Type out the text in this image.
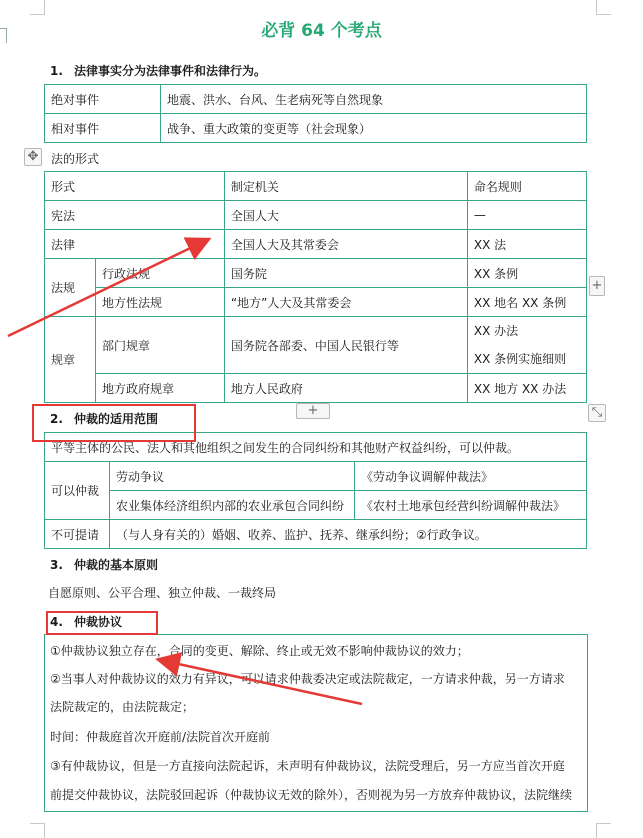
必背 64 个考点
1. 法律事实分为法律事件和法律行为。
绝对事件	地震、洪水、台风、生老病死等自然现象
相对事件	战争、重大政策的变更等（社会现象）
✥ 法的形式
形式		制定机关	命名规则
宪法		全国人大	—
法律		全国人大及其常委会	XX 法
法规	行政法规	国务院	XX 条例
	地方性法规	“地方”人大及其常委会	XX 地名 XX 条例
规章	部门规章	国务院各部委、中国人民银行等	XX 办法
XX 条例实施细则

	地方政府规章	地方人民政府	XX 地方 XX 办法
+
+	⤡
2. 仲裁的适用范围
平等主体的公民、法人和其他组织之间发生的合同纠纷和其他财产权益纠纷，可以仲裁。		
可以仲裁	劳动争议	《劳动争议调解仲裁法》
	农业集体经济组织内部的农业承包合同纠纷	《农村土地承包经营纠纷调解仲裁法》
不可提请	（与人身有关的）婚姻、收养、监护、抚养、继承纠纷；②行政争议。	
3. 仲裁的基本原则
自愿原则、公平合理、独立仲裁、一裁终局
4. 仲裁协议
①仲裁协议独立存在，合同的变更、解除、终止或无效不影响仲裁协议的效力；
②当事人对仲裁协议的效力有异议，可以请求仲裁委决定或法院裁定，一方请求仲裁，另一方请求
法院裁定的，由法院裁定；
时间：仲裁庭首次开庭前/法院首次开庭前
③有仲裁协议，但是一方直接向法院起诉，未声明有仲裁协议，法院受理后，另一方应当首次开庭
前提交仲裁协议，法院驳回起诉（仲裁协议无效的除外），否则视为另一方放弃仲裁协议，法院继续
